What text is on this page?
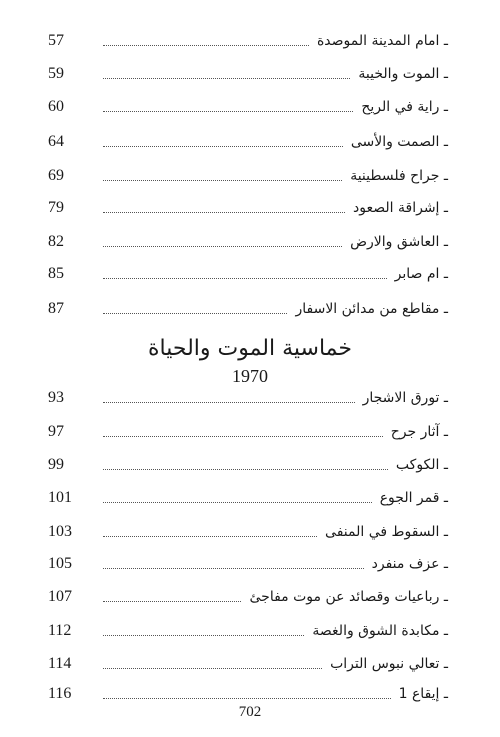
57	ـ امام المدينة الموصدة
59	ـ الموت والخيبة
60	ـ راية في الريح
64	ـ الصمت والأسى
69	ـ جراح فلسطينية
79	ـ إشراقة الصعود
82	ـ العاشق والارض
85	ـ ام صابر
87	ـ مقاطع من مدائن الاسفار
خماسية الموت والحياة
1970
93	ـ تورق الاشجار
97	ـ آثار جرح
99	ـ الكوكب
101	ـ قمر الجوع
103	ـ السقوط في المنفى
105	ـ عزف منفرد
107	ـ رباعيات وقصائد عن موت مفاجئ
112	ـ مكابدة الشوق والغصة
114	ـ تعالي نبوس التراب
116	ـ إيقاع 1
702
